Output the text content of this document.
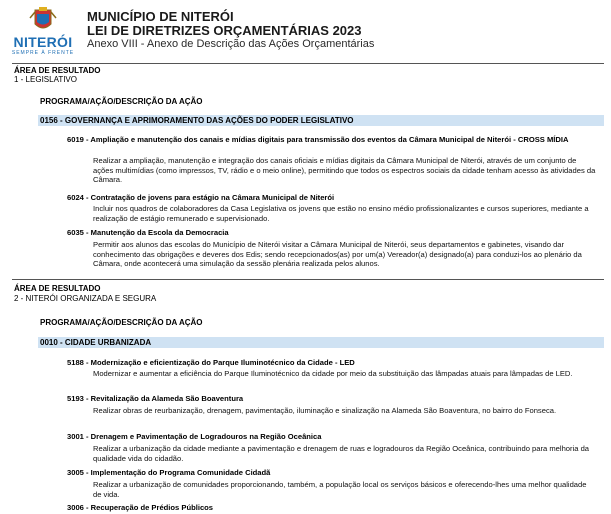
NITERÓI
SEMPRE À FRENTE
MUNICÍPIO DE NITERÓI
LEI DE DIRETRIZES ORÇAMENTÁRIAS 2023
Anexo VIII - Anexo de Descrição das Ações Orçamentárias
ÁREA DE RESULTADO
1 - LEGISLATIVO
PROGRAMA/AÇÃO/DESCRIÇÃO DA AÇÃO
0156 - GOVERNANÇA E APRIMORAMENTO DAS AÇÕES DO PODER LEGISLATIVO
6019 - Ampliação e manutenção dos canais e mídias digitais para transmissão dos eventos da Câmara Municipal de Niterói - CROSS MÍDIA
Realizar a ampliação, manutenção e integração dos canais oficiais e mídias digitais da Câmara Municipal de Niterói, através de um conjunto de ações multimídias (como impressos, TV, rádio e o meio online), permitindo que todos os espectros sociais da cidade tenham acesso às atividades da Câmara.
6024 - Contratação de jovens para estágio na Câmara Municipal de Niterói
Incluir nos quadros de colaboradores da Casa Legislativa os jovens que estão no ensino médio profissionalizantes e cursos superiores, mediante a realização de estágio remunerado e supervisionado.
6035 - Manutenção da Escola da Democracia
Permitir aos alunos das escolas do Município de Niterói visitar a Câmara Municipal de Niterói, seus departamentos e gabinetes, visando dar conhecimento das obrigações e deveres dos Edis; sendo recepcionados(as) por um(a) Vereador(a) designado(a) para conduzi-los ao plenário da Câmara, onde acontecerá uma simulação da sessão plenária realizada pelos alunos.
ÁREA DE RESULTADO
2 - NITERÓI ORGANIZADA E SEGURA
PROGRAMA/AÇÃO/DESCRIÇÃO DA AÇÃO
0010 - CIDADE URBANIZADA
5188 - Modernização e eficientização do Parque Iluminotécnico da Cidade - LED
Modernizar e aumentar a eficiência do Parque Iluminotécnico da cidade por meio da substituição das lâmpadas atuais para lâmpadas de LED.
5193 - Revitalização da Alameda São Boaventura
Realizar obras de reurbanização, drenagem, pavimentação, iluminação e sinalização na Alameda São Boaventura, no bairro do Fonseca.
3001 - Drenagem e Pavimentação de Logradouros na Região Oceânica
Realizar a urbanização da cidade mediante a pavimentação e drenagem de ruas e logradouros da Região Oceânica, contribuindo para melhoria da qualidade vida do cidadão.
3005 - Implementação do Programa Comunidade Cidadã
Realizar a urbanização de comunidades proporcionando, também, a população local os serviços básicos e oferecendo-lhes uma melhor qualidade de vida.
3006 - Recuperação de Prédios Públicos
